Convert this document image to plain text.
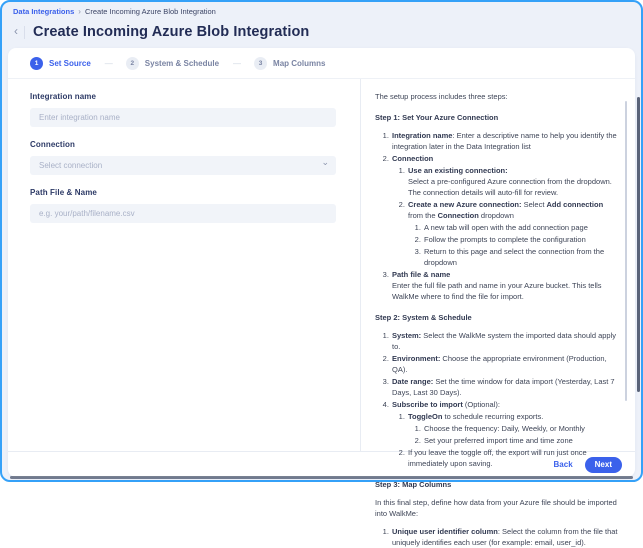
Data Integrations › Create Incoming Azure Blob Integration
‹ Create Incoming Azure Blob Integration
1	Set Source —	2	System & Schedule —	3	Map Columns
Integration name
Enter integration name
Connection
Select connection
⌄
Path File & Name
e.g. your/path/filename.csv

The setup process includes three steps:

Step 1: Set Your Azure Connection

1. Integration name: Enter a descriptive name to help you identify the integration later in the Data Integration list
2. Connection
1. Use an existing connection:
Select a pre-configured Azure connection from the dropdown. The connection details will auto-fill for review.
2. Create a new Azure connection: Select Add connection from the Connection dropdown
1. A new tab will open with the add connection page
2. Follow the prompts to complete the configuration
3. Return to this page and select the connection from the dropdown
3. Path file & name
Enter the full file path and name in your Azure bucket. This tells WalkMe where to find the file for import.

Step 2: System & Schedule

1. System: Select the WalkMe system the imported data should apply to.
2. Environment: Choose the appropriate environment (Production, QA).
3. Date range: Set the time window for data import (Yesterday, Last 7 Days, Last 30 Days).
4. Subscribe to import (Optional):
1. ToggleOn to schedule recurring exports.
1. Choose the frequency: Daily, Weekly, or Monthly
2. Set your preferred import time and time zone
2. If you leave the toggle off, the export will run just once immediately upon saving.

Step 3: Map Columns

In this final step, define how data from your Azure file should be imported into WalkMe:

1. Unique user identifier column: Select the column from the file that uniquely identifies each user (for example: email, user_id).
Back	Next
